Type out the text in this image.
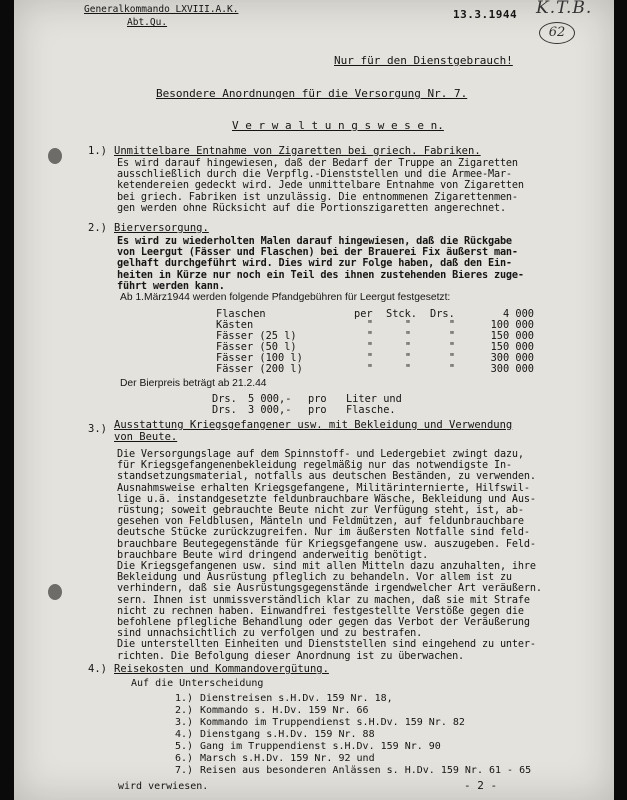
Generalkommando LXVIII.A.K.
Abt.Qu.
13.3.1944 K.T.B.
62
Nur für den Dienstgebrauch!
Besondere Anordnungen für die Versorgung Nr. 7.
V e r w a l t u n g s w e s e n.
1.) Unmittelbare Entnahme von Zigaretten bei griech. Fabriken.
Es wird darauf hingewiesen, daß der Bedarf der Truppe an Zigaretten
ausschließlich durch die Verpflg.-Dienststellen und die Armee-Mar-
ketendereien gedeckt wird. Jede unmittelbare Entnahme von Zigaretten
bei griech. Fabriken ist unzulässig. Die entnommenen Zigarettenmen-
gen werden ohne Rücksicht auf die Portionszigaretten angerechnet.
2.) Bierversorgung.
Es wird zu wiederholten Malen darauf hingewiesen, daß die Rückgabe
von Leergut (Fässer und Flaschen) bei der Brauerei Fix äußerst man-
gelhaft durchgeführt wird. Dies wird zur Folge haben, daß den Ein-
heiten in Kürze nur noch ein Teil des ihnen zustehenden Bieres zuge-
führt werden kann.
Ab 1.März1944 werden folgende Pfandgebühren für Leergut festgesetzt:
Flaschen	per Stck. Drs.	4 000
Kästen	"	"	"	100 000
Fässer (25 l)	"	"	"	150 000
Fässer (50 l)	"	"	"	150 000
Fässer (100 l)	"	"	"	300 000
Fässer (200 l)	"	"	"	300 000
Der Bierpreis beträgt ab 21.2.44
Drs. 5 000,- pro Liter und
Drs. 3 000,- pro Flasche.
3.) Ausstattung Kriegsgefangener usw. mit Bekleidung und Verwendung
von Beute.
Die Versorgungslage auf dem Spinnstoff- und Ledergebiet zwingt dazu,
für Kriegsgefangenenbekleidung regelmäßig nur das notwendigste In-
standsetzungsmaterial, notfalls aus deutschen Beständen, zu verwenden.
Ausnahmsweise erhalten Kriegsgefangene, Militärinternierte, Hilfswil-
lige u.ä. instandgesetzte feldunbrauchbare Wäsche, Bekleidung und Aus-
rüstung; soweit gebrauchte Beute nicht zur Verfügung steht, ist, ab-
gesehen von Feldblusen, Mänteln und Feldmützen, auf feldunbrauchbare
deutsche Stücke zurückzugreifen. Nur im äußersten Notfalle sind feld-
brauchbare Beutegegenstände für Kriegsgefangene usw. auszugeben. Feld-
brauchbare Beute wird dringend anderweitig benötigt.
Die Kriegsgefangenen usw. sind mit allen Mitteln dazu anzuhalten, ihre
Bekleidung und Ausrüstung pfleglich zu behandeln. Vor allem ist zu
verhindern, daß sie Ausrüstungsgegenstände irgendwelcher Art veräußern.
sern. Ihnen ist unmissverständlich klar zu machen, daß sie mit Strafe
nicht zu rechnen haben. Einwandfrei festgestellte Verstöße gegen die
befohlene pflegliche Behandlung oder gegen das Verbot der Veräußerung
sind unnachsichtlich zu verfolgen und zu bestrafen.
Die unterstellten Einheiten und Dienststellen sind eingehend zu unter-
richten. Die Befolgung dieser Anordnung ist zu überwachen.
4.) Reisekosten und Kommandovergütung.
Auf die Unterscheidung
1.) Dienstreisen s.H.Dv. 159 Nr. 18,
2.) Kommando s. H.Dv. 159 Nr. 66
3.) Kommando im Truppendienst s.H.Dv. 159 Nr. 82
4.) Dienstgang s.H.Dv. 159 Nr. 88
5.) Gang im Truppendienst s.H.Dv. 159 Nr. 90
6.) Marsch s.H.Dv. 159 Nr. 92 und
7.) Reisen aus besonderen Anlässen s. H.Dv. 159 Nr. 61 - 65
wird verwiesen.	- 2 -
